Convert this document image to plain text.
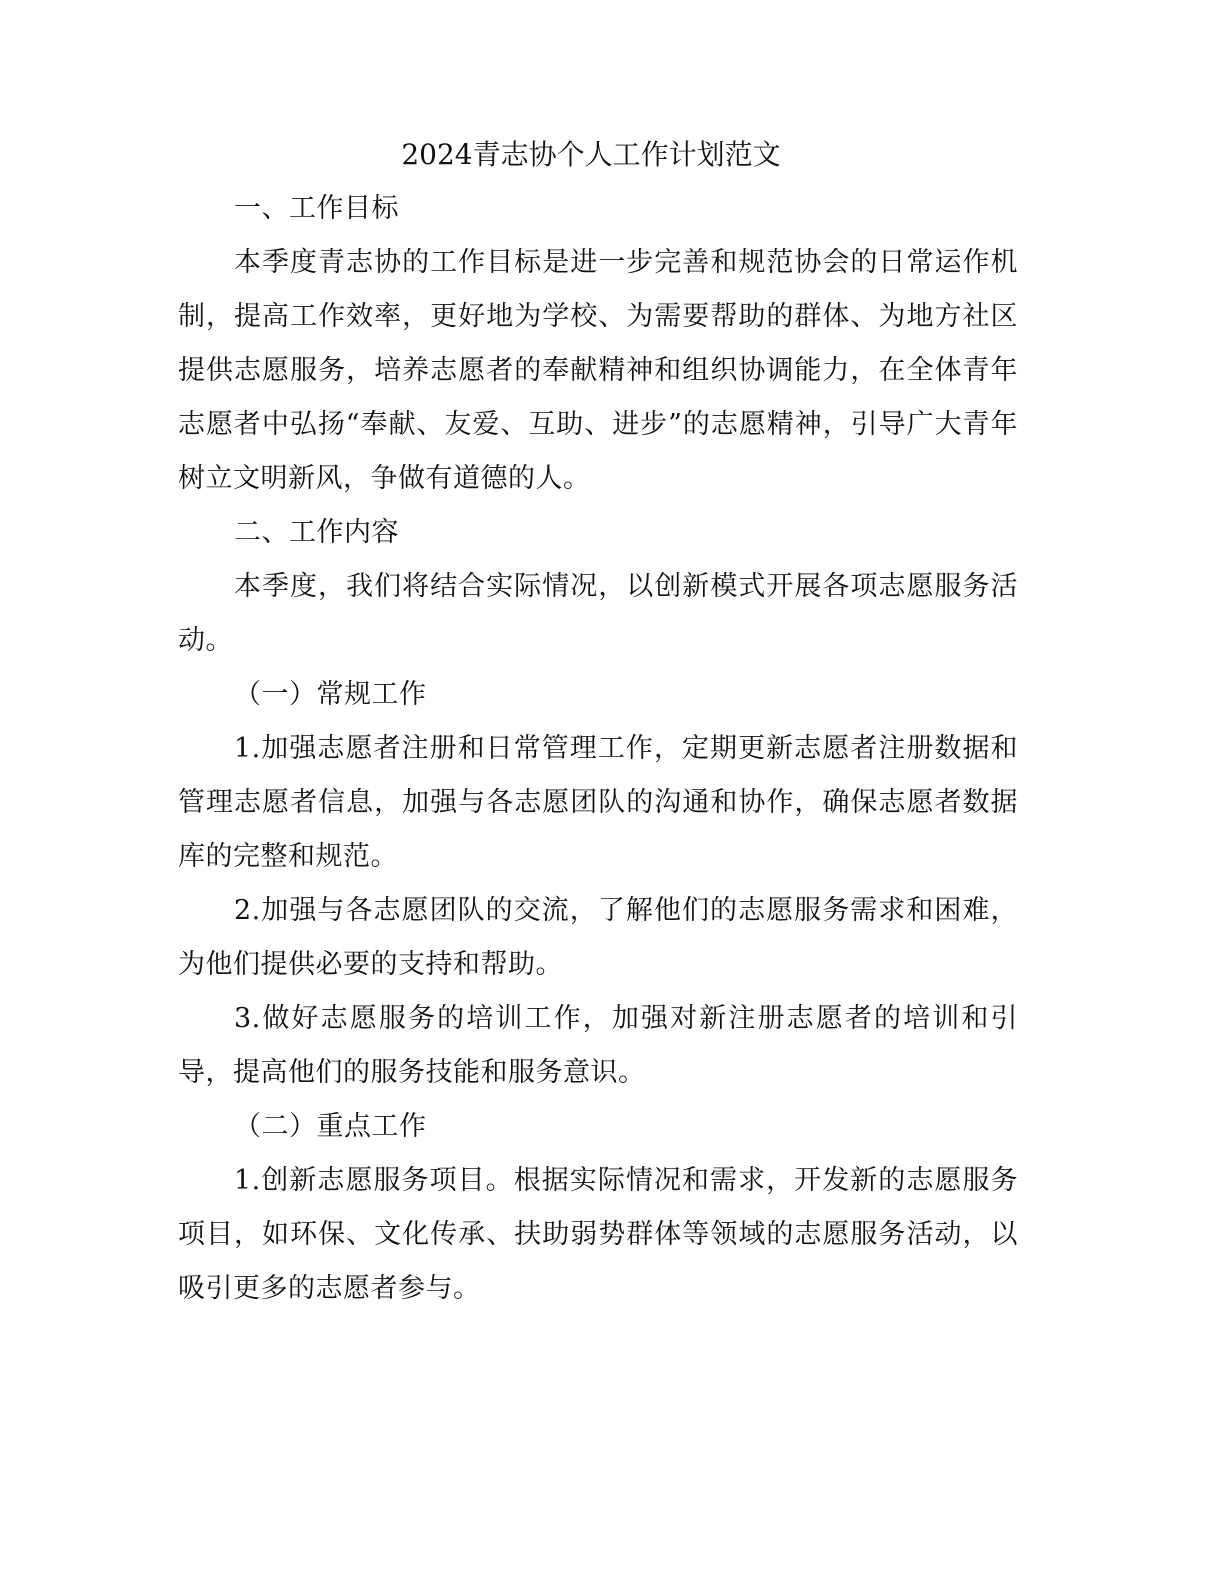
2024青志协个人工作计划范文

一、工作目标

本季度青志协的工作目标是进一步完善和规范协会的日常运作机制，提高工作效率，更好地为学校、为需要帮助的群体、为地方社区提供志愿服务，培养志愿者的奉献精神和组织协调能力，在全体青年志愿者中弘扬“奉献、友爱、互助、进步”的志愿精神，引导广大青年树立文明新风，争做有道德的人。

二、工作内容

本季度，我们将结合实际情况，以创新模式开展各项志愿服务活动。

（一）常规工作

1.加强志愿者注册和日常管理工作，定期更新志愿者注册数据和管理志愿者信息，加强与各志愿团队的沟通和协作，确保志愿者数据库的完整和规范。

2.加强与各志愿团队的交流，了解他们的志愿服务需求和困难，为他们提供必要的支持和帮助。

3.做好志愿服务的培训工作，加强对新注册志愿者的培训和引导，提高他们的服务技能和服务意识。

（二）重点工作

1.创新志愿服务项目。根据实际情况和需求，开发新的志愿服务项目，如环保、文化传承、扶助弱势群体等领域的志愿服务活动，以吸引更多的志愿者参与。
